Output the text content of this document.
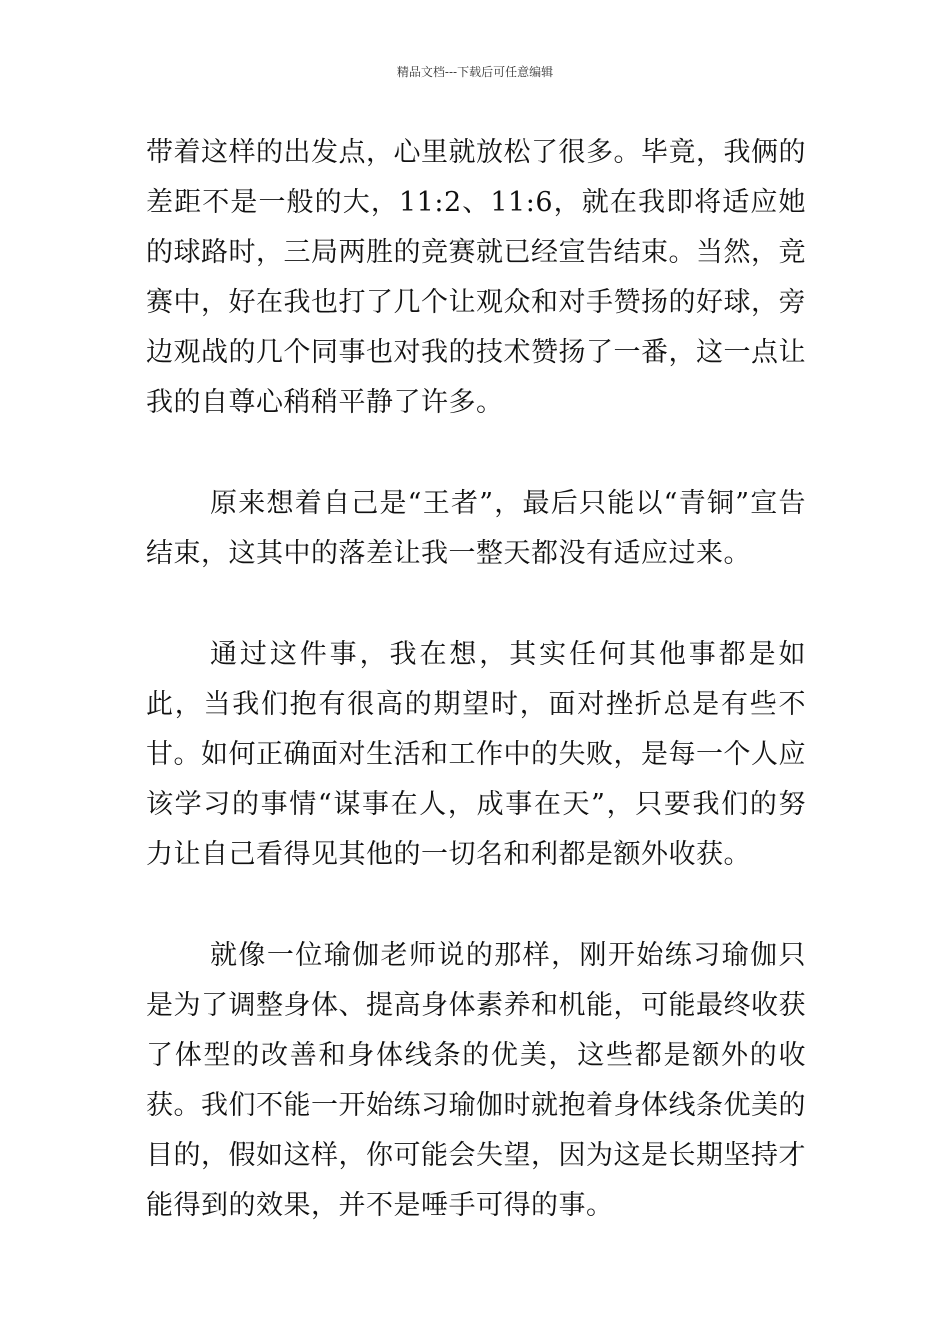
精品文档---下载后可任意编辑

带着这样的出发点，心里就放松了很多。毕竟，我俩的差距不是一般的大，11:2、11:6，就在我即将适应她的球路时，三局两胜的竞赛就已经宣告结束。当然，竞赛中，好在我也打了几个让观众和对手赞扬的好球，旁边观战的几个同事也对我的技术赞扬了一番，这一点让我的自尊心稍稍平静了许多。

原来想着自己是“王者”，最后只能以“青铜”宣告结束，这其中的落差让我一整天都没有适应过来。

通过这件事，我在想，其实任何其他事都是如此，当我们抱有很高的期望时，面对挫折总是有些不甘。如何正确面对生活和工作中的失败，是每一个人应该学习的事情“谋事在人，成事在天”，只要我们的努力让自己看得见其他的一切名和利都是额外收获。

就像一位瑜伽老师说的那样，刚开始练习瑜伽只是为了调整身体、提高身体素养和机能，可能最终收获了体型的改善和身体线条的优美，这些都是额外的收获。我们不能一开始练习瑜伽时就抱着身体线条优美的目的，假如这样，你可能会失望，因为这是长期坚持才能得到的效果，并不是唾手可得的事。
